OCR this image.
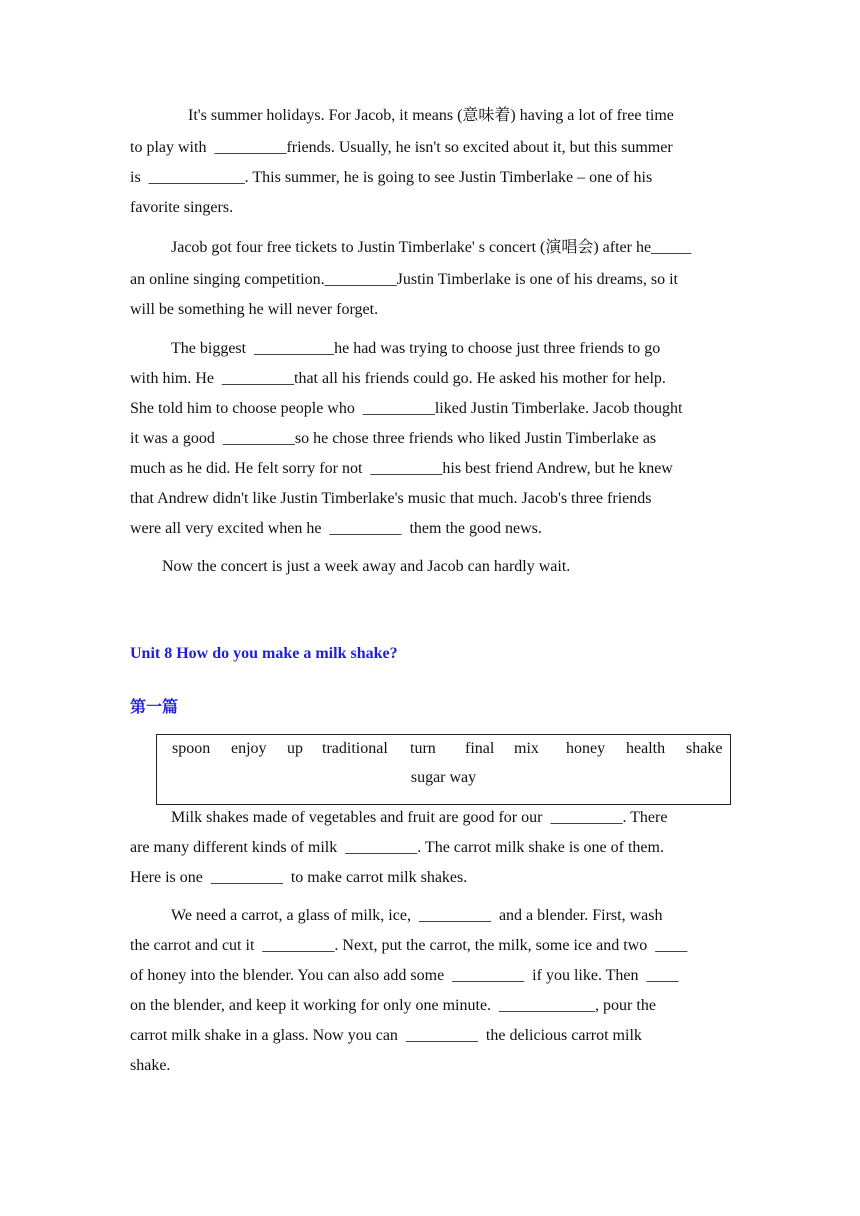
It's summer holidays. For Jacob, it means (意味着) having a lot of free time
to play with  _________friends. Usually, he isn't so excited about it, but this summer
is  ____________. This summer, he is going to see Justin Timberlake – one of his
favorite singers.
Jacob got four free tickets to Justin Timberlake' s concert (演唱会) after he_____
an online singing competition._________Justin Timberlake is one of his dreams, so it
will be something he will never forget.
The biggest  __________he had was trying to choose just three friends to go
with him. He  _________that all his friends could go. He asked his mother for help.
She told him to choose people who  _________liked Justin Timberlake. Jacob thought
it was a good  _________so he chose three friends who liked Justin Timberlake as
much as he did. He felt sorry for not  _________his best friend Andrew, but he knew
that Andrew didn't like Justin Timberlake's music that much. Jacob's three friends
were all very excited when he  _________  them the good news.
Now the concert is just a week away and Jacob can hardly wait.
Unit 8 How do you make a milk shake?
第一篇
spoon enjoy up traditional turn final mix honey health shake
sugar way
Milk shakes made of vegetables and fruit are good for our  _________. There
are many different kinds of milk  _________. The carrot milk shake is one of them.
Here is one  _________  to make carrot milk shakes.
We need a carrot, a glass of milk, ice,  _________  and a blender. First, wash
the carrot and cut it  _________. Next, put the carrot, the milk, some ice and two  ____
of honey into the blender. You can also add some  _________  if you like. Then  ____
on the blender, and keep it working for only one minute.  ____________, pour the
carrot milk shake in a glass. Now you can  _________  the delicious carrot milk
shake.
